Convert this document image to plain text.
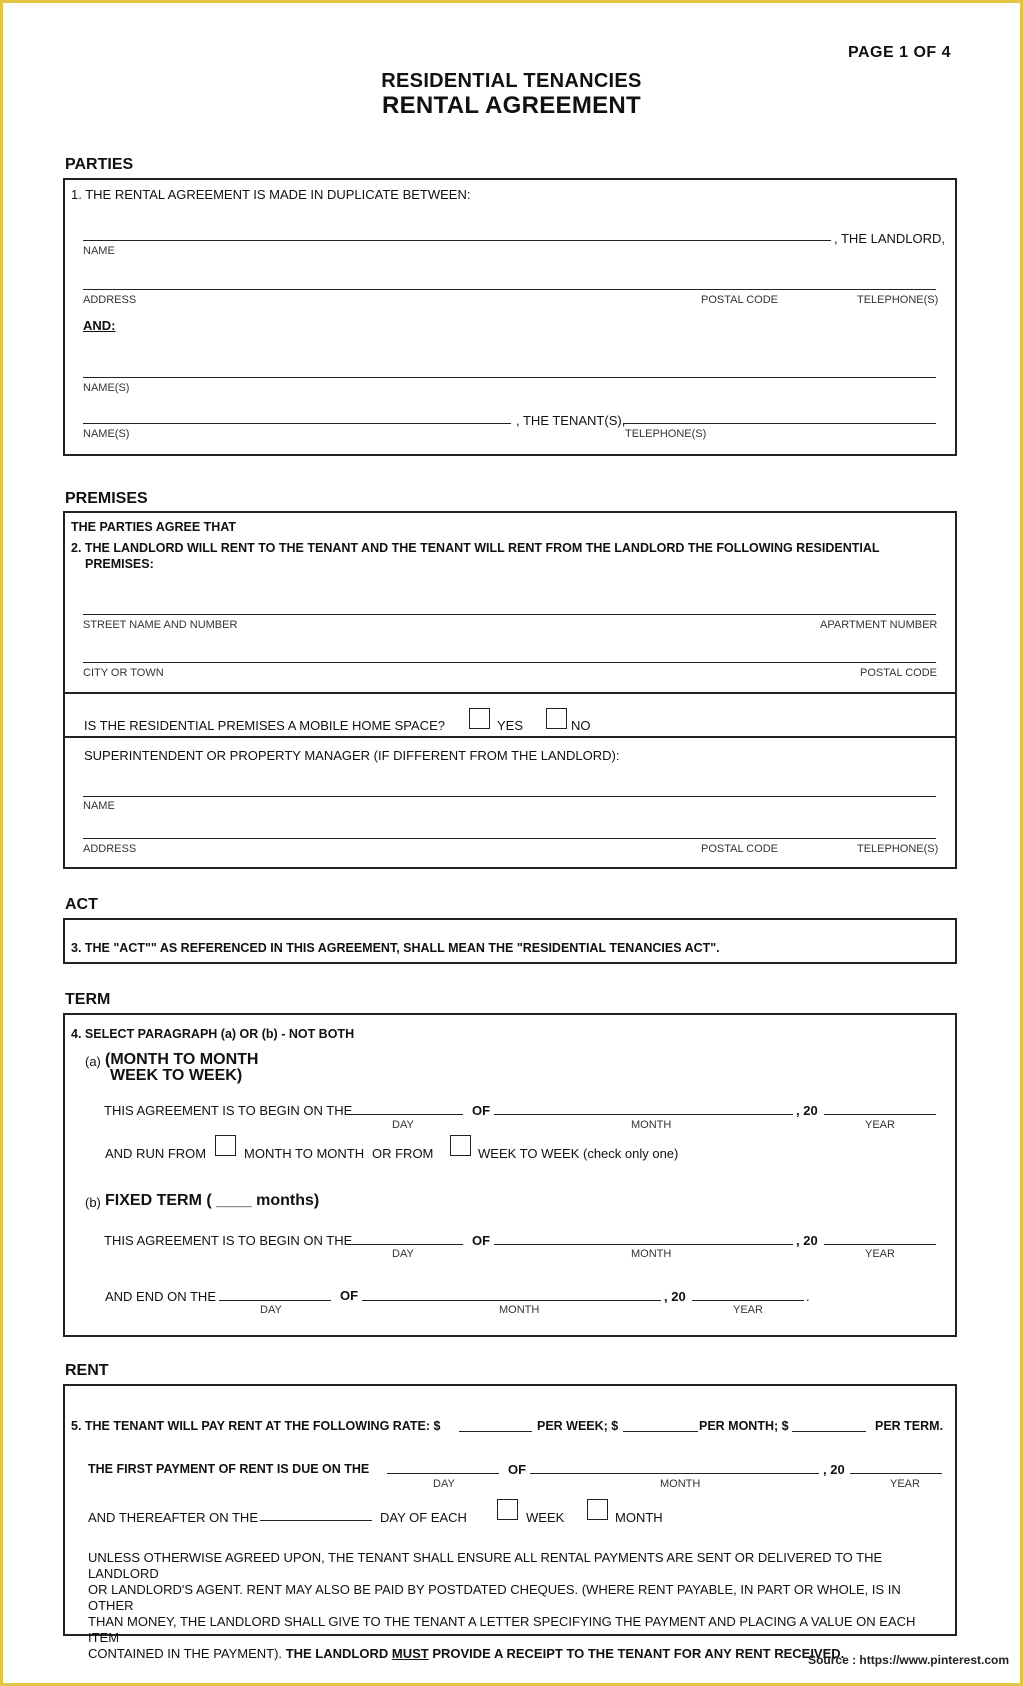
PAGE 1 OF 4
RESIDENTIAL TENANCIES
RENTAL AGREEMENT
PARTIES
1. THE RENTAL AGREEMENT IS MADE IN DUPLICATE BETWEEN:
, THE LANDLORD,
NAME
ADDRESS	POSTAL CODE	TELEPHONE(S)
AND:
NAME(S)
, THE TENANT(S),
NAME(S)	TELEPHONE(S)
PREMISES
THE PARTIES AGREE THAT
2. THE LANDLORD WILL RENT TO THE TENANT AND THE TENANT WILL RENT FROM THE LANDLORD THE FOLLOWING RESIDENTIAL
PREMISES:
STREET NAME AND NUMBER	APARTMENT NUMBER
CITY OR TOWN	POSTAL CODE
IS THE RESIDENTIAL PREMISES A MOBILE HOME SPACE?	YES	NO
SUPERINTENDENT OR PROPERTY MANAGER (IF DIFFERENT FROM THE LANDLORD):
NAME
ADDRESS	POSTAL CODE	TELEPHONE(S)
ACT
3. THE "ACT"" AS REFERENCED IN THIS AGREEMENT, SHALL MEAN THE "RESIDENTIAL TENANCIES ACT".
TERM
4. SELECT PARAGRAPH (a) OR (b) - NOT BOTH
(a) (MONTH TO MONTH
WEEK TO WEEK)
THIS AGREEMENT IS TO BEGIN ON THE	OF	, 20
DAY	MONTH	YEAR
AND RUN FROM	MONTH TO MONTH OR FROM	WEEK TO WEEK (check only one)
(b) FIXED TERM ( ____ months)
THIS AGREEMENT IS TO BEGIN ON THE	OF	, 20
DAY	MONTH	YEAR
AND END ON THE	OF	, 20	.
DAY	MONTH	YEAR
RENT
5. THE TENANT WILL PAY RENT AT THE FOLLOWING RATE: $	PER WEEK; $	PER MONTH; $	PER TERM.
THE FIRST PAYMENT OF RENT IS DUE ON THE	OF	, 20
DAY	MONTH	YEAR
AND THEREAFTER ON THE	DAY OF EACH	WEEK	MONTH
UNLESS OTHERWISE AGREED UPON, THE TENANT SHALL ENSURE ALL RENTAL PAYMENTS ARE SENT OR DELIVERED TO THE LANDLORD
OR LANDLORD'S AGENT. RENT MAY ALSO BE PAID BY POSTDATED CHEQUES. (WHERE RENT PAYABLE, IN PART OR WHOLE, IS IN OTHER
THAN MONEY, THE LANDLORD SHALL GIVE TO THE TENANT A LETTER SPECIFYING THE PAYMENT AND PLACING A VALUE ON EACH ITEM
CONTAINED IN THE PAYMENT). THE LANDLORD MUST PROVIDE A RECEIPT TO THE TENANT FOR ANY RENT RECEIVED.
Source : https://www.pinterest.com
